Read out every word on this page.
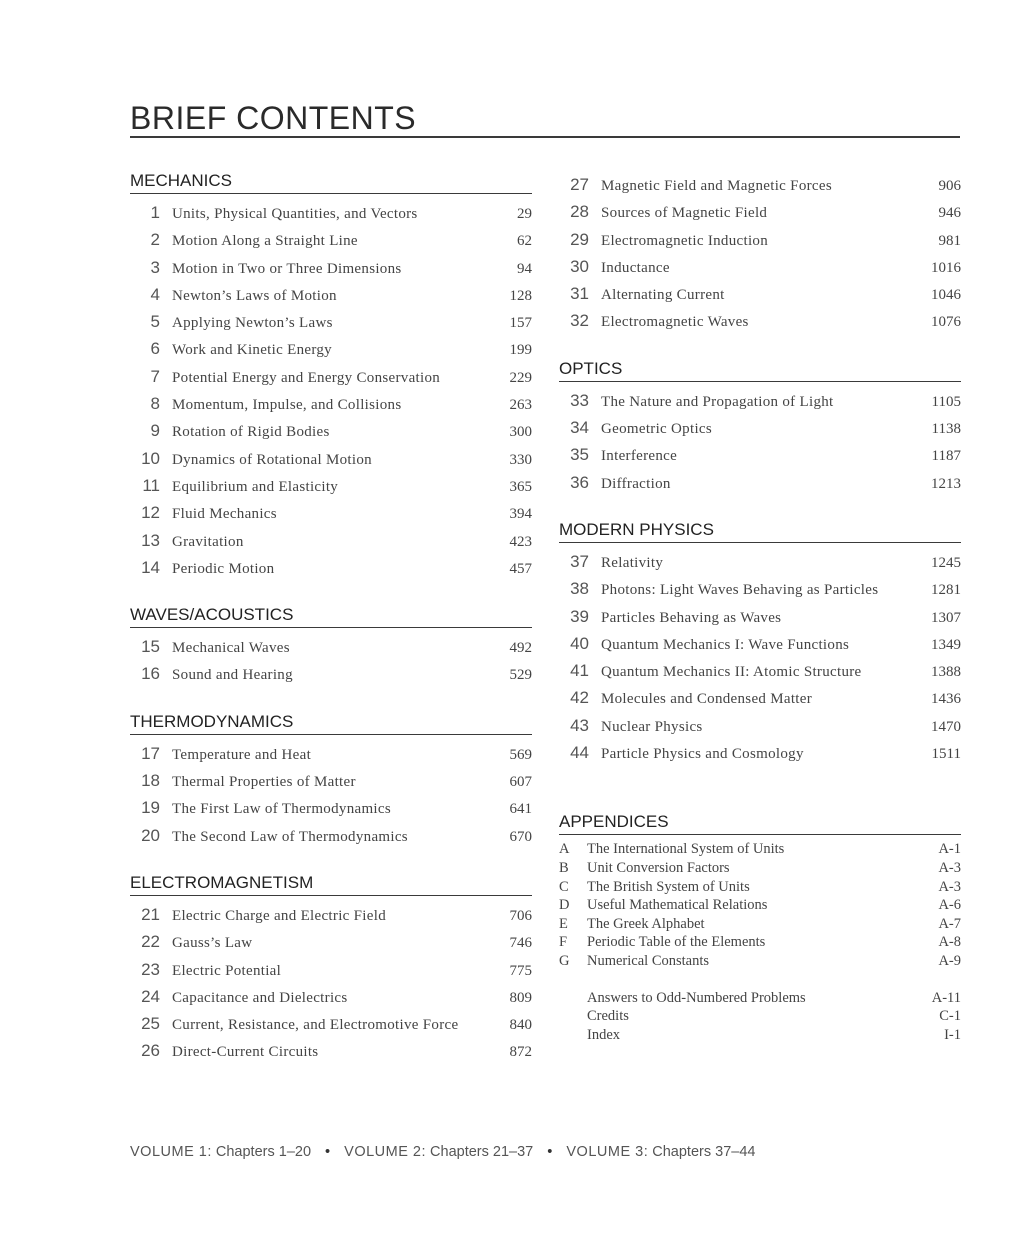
BRIEF CONTENTS
MECHANICS
1 Units, Physical Quantities, and Vectors	29
2 Motion Along a Straight Line	62
3 Motion in Two or Three Dimensions	94
4 Newton’s Laws of Motion	128
5 Applying Newton’s Laws	157
6 Work and Kinetic Energy	199
7 Potential Energy and Energy Conservation	229
8 Momentum, Impulse, and Collisions	263
9 Rotation of Rigid Bodies	300
10 Dynamics of Rotational Motion	330
11 Equilibrium and Elasticity	365
12 Fluid Mechanics	394
13 Gravitation	423
14 Periodic Motion	457
WAVES/ACOUSTICS
15 Mechanical Waves	492
16 Sound and Hearing	529
THERMODYNAMICS
17 Temperature and Heat	569
18 Thermal Properties of Matter	607
19 The First Law of Thermodynamics	641
20 The Second Law of Thermodynamics	670
ELECTROMAGNETISM
21 Electric Charge and Electric Field	706
22 Gauss’s Law	746
23 Electric Potential	775
24 Capacitance and Dielectrics	809
25 Current, Resistance, and Electromotive Force	840
26 Direct-Current Circuits	872
27 Magnetic Field and Magnetic Forces	906
28 Sources of Magnetic Field	946
29 Electromagnetic Induction	981
30 Inductance	1016
31 Alternating Current	1046
32 Electromagnetic Waves	1076
OPTICS
33 The Nature and Propagation of Light	1105
34 Geometric Optics	1138
35 Interference	1187
36 Diffraction	1213
MODERN PHYSICS
37 Relativity	1245
38 Photons: Light Waves Behaving as Particles	1281
39 Particles Behaving as Waves	1307
40 Quantum Mechanics I: Wave Functions	1349
41 Quantum Mechanics II: Atomic Structure	1388
42 Molecules and Condensed Matter	1436
43 Nuclear Physics	1470
44 Particle Physics and Cosmology	1511
APPENDICES
A	The International System of Units	A-1
B	Unit Conversion Factors	A-3
C	The British System of Units	A-3
D	Useful Mathematical Relations	A-6
E	The Greek Alphabet	A-7
F	Periodic Table of the Elements	A-8
G	Numerical Constants	A-9
Answers to Odd-Numbered Problems	A-11
Credits	C-1
Index	I-1
VOLUME 1: Chapters 1–20 • VOLUME 2: Chapters 21–37 • VOLUME 3: Chapters 37–44
